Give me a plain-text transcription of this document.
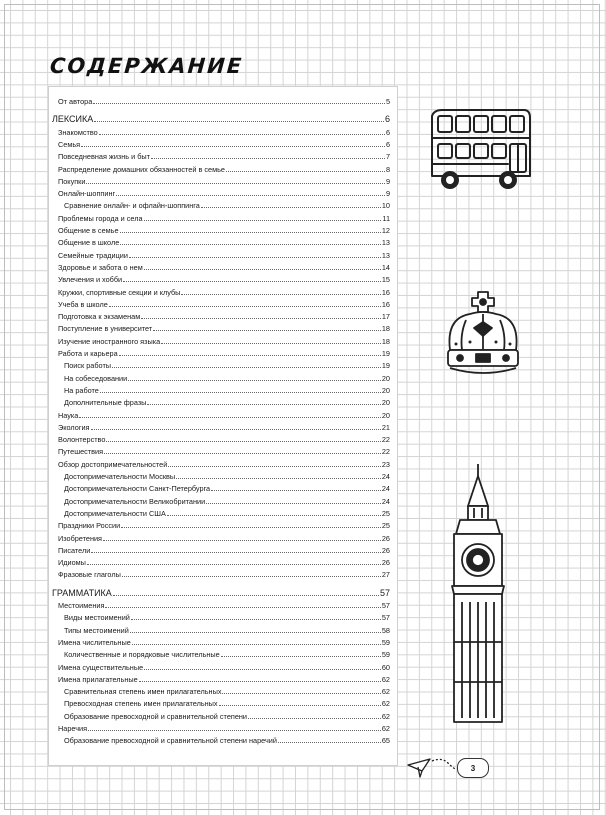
СОДЕРЖАНИЕ
От автора	5
ЛЕКСИКА	6
Знакомство	6
Семья	6
Повседневная жизнь и быт	7
Распределение домашних обязанностей в семье	8
Покупки	9
Онлайн-шоппинг	9
Сравнение онлайн- и офлайн-шоппинга	10
Проблемы города и села	11
Общение в семье	12
Общение в школе	13
Семейные традиции	13
Здоровье и забота о нем	14
Увлечения и хобби	15
Кружки, спортивные секции и клубы	16
Учеба в школе	16
Подготовка к экзаменам	17
Поступление в университет	18
Изучение иностранного языка	18
Работа и карьера	19
Поиск работы	19
На собеседовании	20
На работе	20
Дополнительные фразы	20
Наука	20
Экология	21
Волонтерство	22
Путешествия	22
Обзор достопримечательностей	23
Достопримечательности Москвы	24
Достопримечательности Санкт-Петербурга	24
Достопримечательности Великобритании	24
Достопримечательности США	25
Праздники России	25
Изобретения	26
Писатели	26
Идиомы	26
Фразовые глаголы	27
ГРАММАТИКА	57
Местоимения	57
Виды местоимений	57
Типы местоимений	58
Имена числительные	59
Количественные и порядковые числительные	59
Имена существительные	60
Имена прилагательные	62
Сравнительная степень имен прилагательных	62
Превосходная степень имен прилагательных	62
Образование превосходной и сравнительной степени	62
Наречия	62
Образование превосходной и сравнительной степени наречий	65
3
